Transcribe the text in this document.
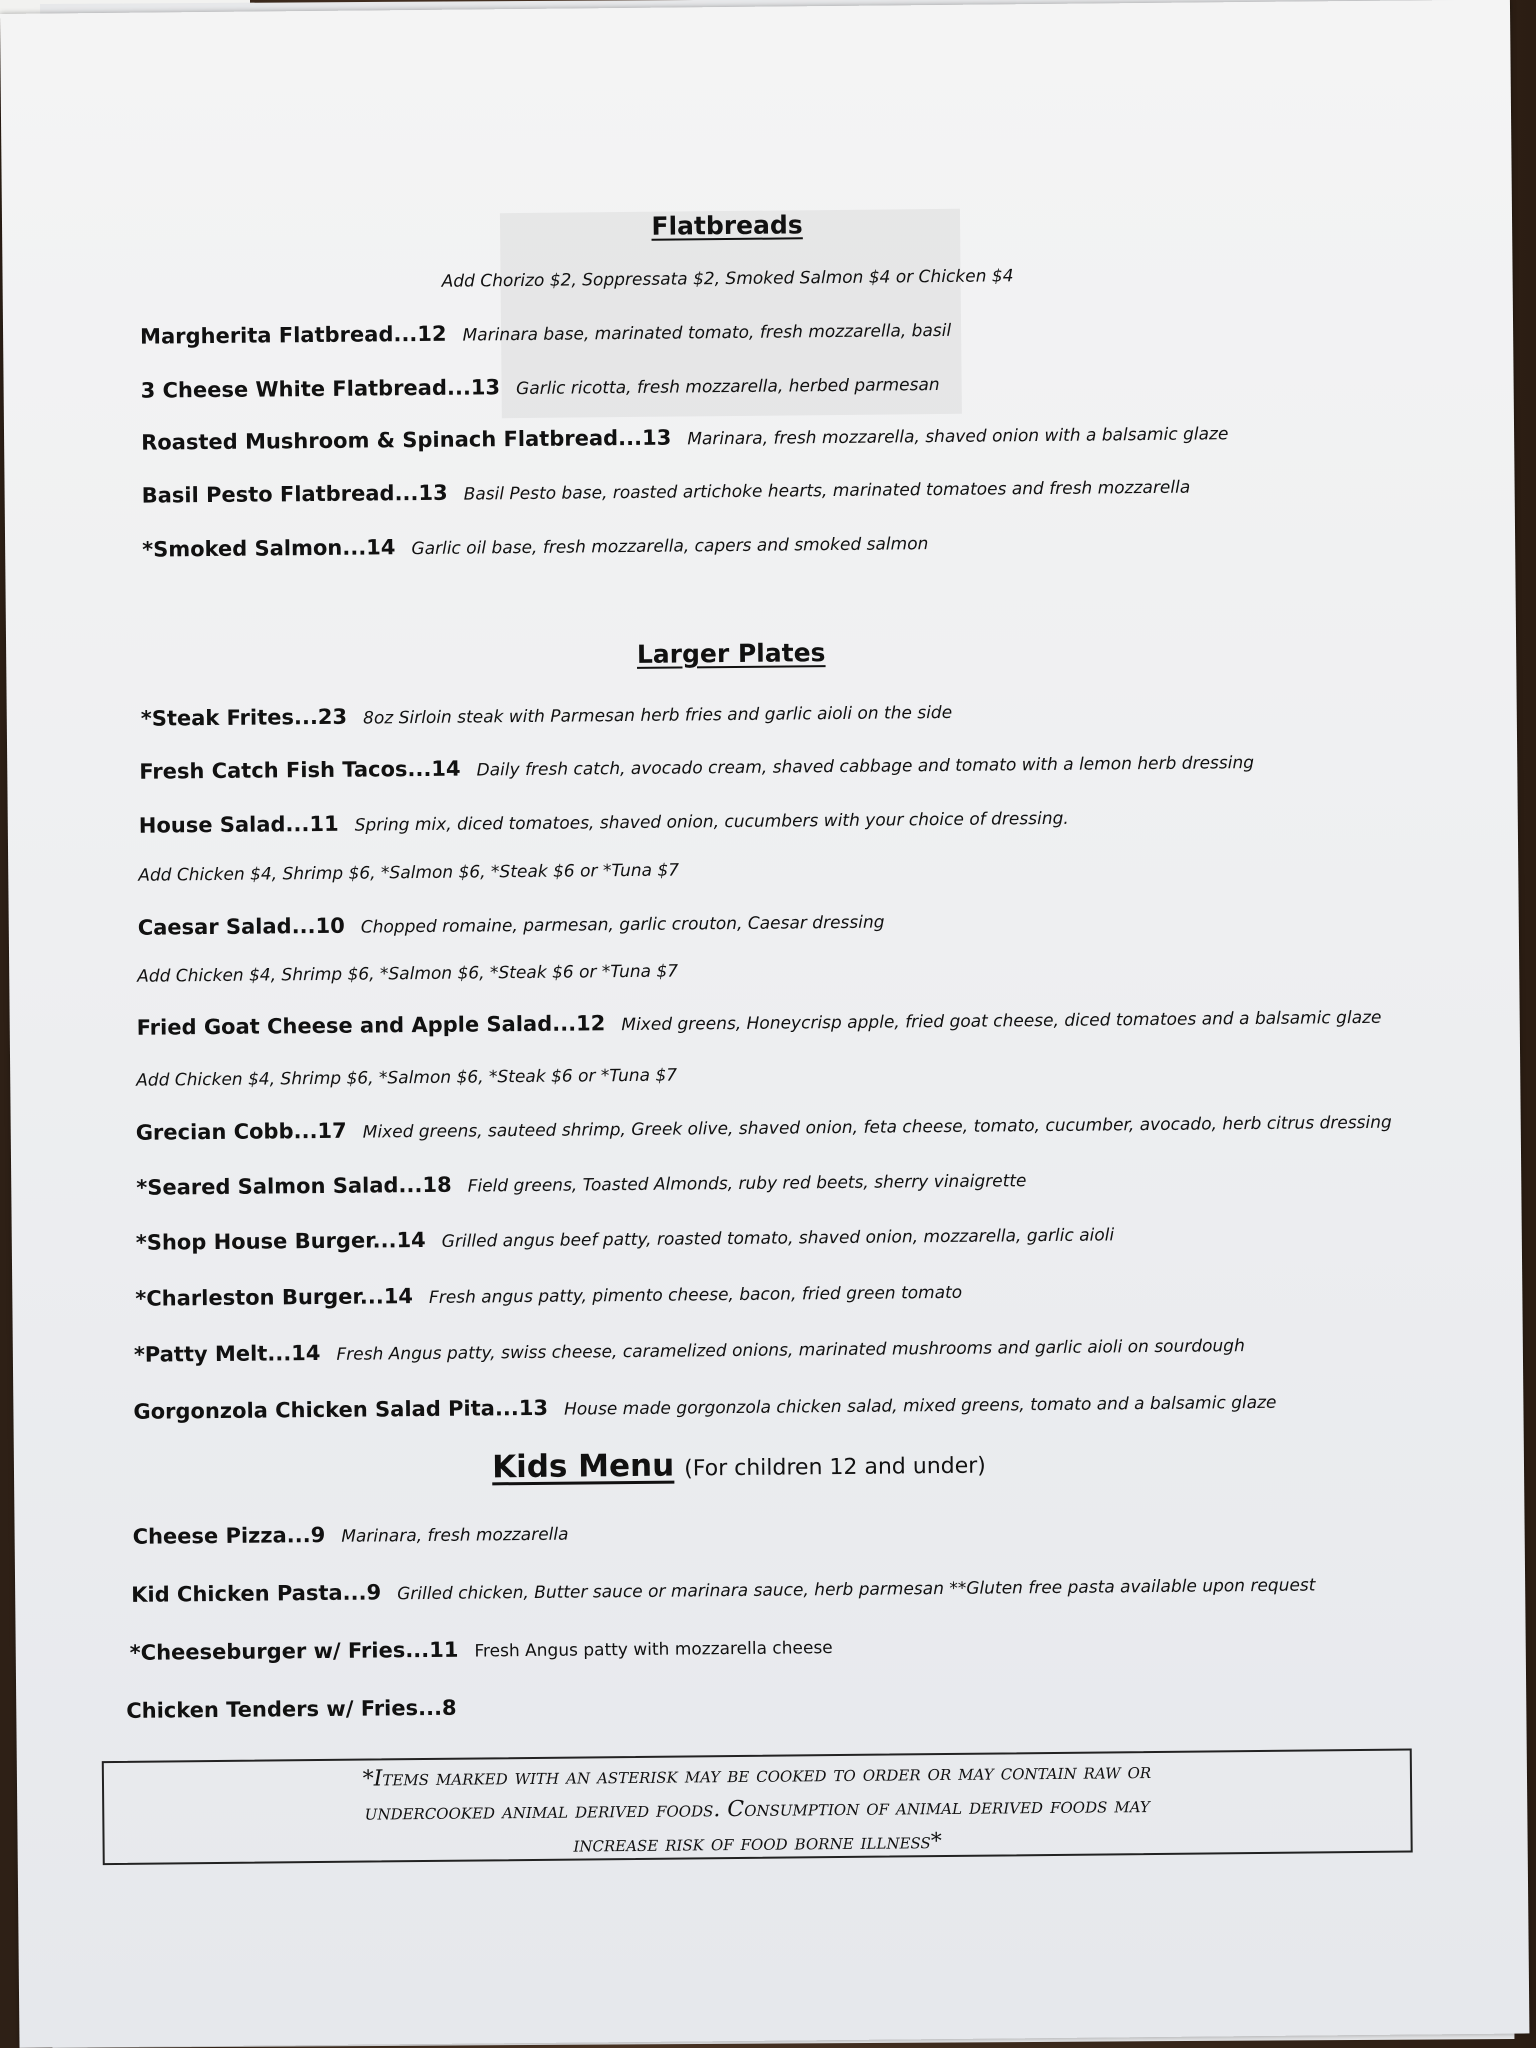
Flatbreads
Add Chorizo $2, Soppressata $2, Smoked Salmon $4 or Chicken $4
Margherita Flatbread...12 Marinara base, marinated tomato, fresh mozzarella, basil
3 Cheese White Flatbread...13 Garlic ricotta, fresh mozzarella, herbed parmesan
Roasted Mushroom & Spinach Flatbread...13 Marinara, fresh mozzarella, shaved onion with a balsamic glaze
Basil Pesto Flatbread...13 Basil Pesto base, roasted artichoke hearts, marinated tomatoes and fresh mozzarella
*Smoked Salmon...14 Garlic oil base, fresh mozzarella, capers and smoked salmon
Larger Plates
*Steak Frites...23 8oz Sirloin steak with Parmesan herb fries and garlic aioli on the side
Fresh Catch Fish Tacos...14 Daily fresh catch, avocado cream, shaved cabbage and tomato with a lemon herb dressing
House Salad...11 Spring mix, diced tomatoes, shaved onion, cucumbers with your choice of dressing.
Add Chicken $4, Shrimp $6, *Salmon $6, *Steak $6 or *Tuna $7
Caesar Salad...10 Chopped romaine, parmesan, garlic crouton, Caesar dressing
Add Chicken $4, Shrimp $6, *Salmon $6, *Steak $6 or *Tuna $7
Fried Goat Cheese and Apple Salad...12 Mixed greens, Honeycrisp apple, fried goat cheese, diced tomatoes and a balsamic glaze
Add Chicken $4, Shrimp $6, *Salmon $6, *Steak $6 or *Tuna $7
Grecian Cobb...17 Mixed greens, sauteed shrimp, Greek olive, shaved onion, feta cheese, tomato, cucumber, avocado, herb citrus dressing
*Seared Salmon Salad...18 Field greens, Toasted Almonds, ruby red beets, sherry vinaigrette
*Shop House Burger...14 Grilled angus beef patty, roasted tomato, shaved onion, mozzarella, garlic aioli
*Charleston Burger...14 Fresh angus patty, pimento cheese, bacon, fried green tomato
*Patty Melt...14 Fresh Angus patty, swiss cheese, caramelized onions, marinated mushrooms and garlic aioli on sourdough
Gorgonzola Chicken Salad Pita...13 House made gorgonzola chicken salad, mixed greens, tomato and a balsamic glaze
Kids Menu (For children 12 and under)
Cheese Pizza...9 Marinara, fresh mozzarella
Kid Chicken Pasta...9 Grilled chicken, Butter sauce or marinara sauce, herb parmesan **Gluten free pasta available upon request
*Cheeseburger w/ Fries...11 Fresh Angus patty with mozzarella cheese
Chicken Tenders w/ Fries...8
*Items marked with an asterisk may be cooked to order or may contain raw or
undercooked animal derived foods. Consumption of animal derived foods may
increase risk of food borne illness*
